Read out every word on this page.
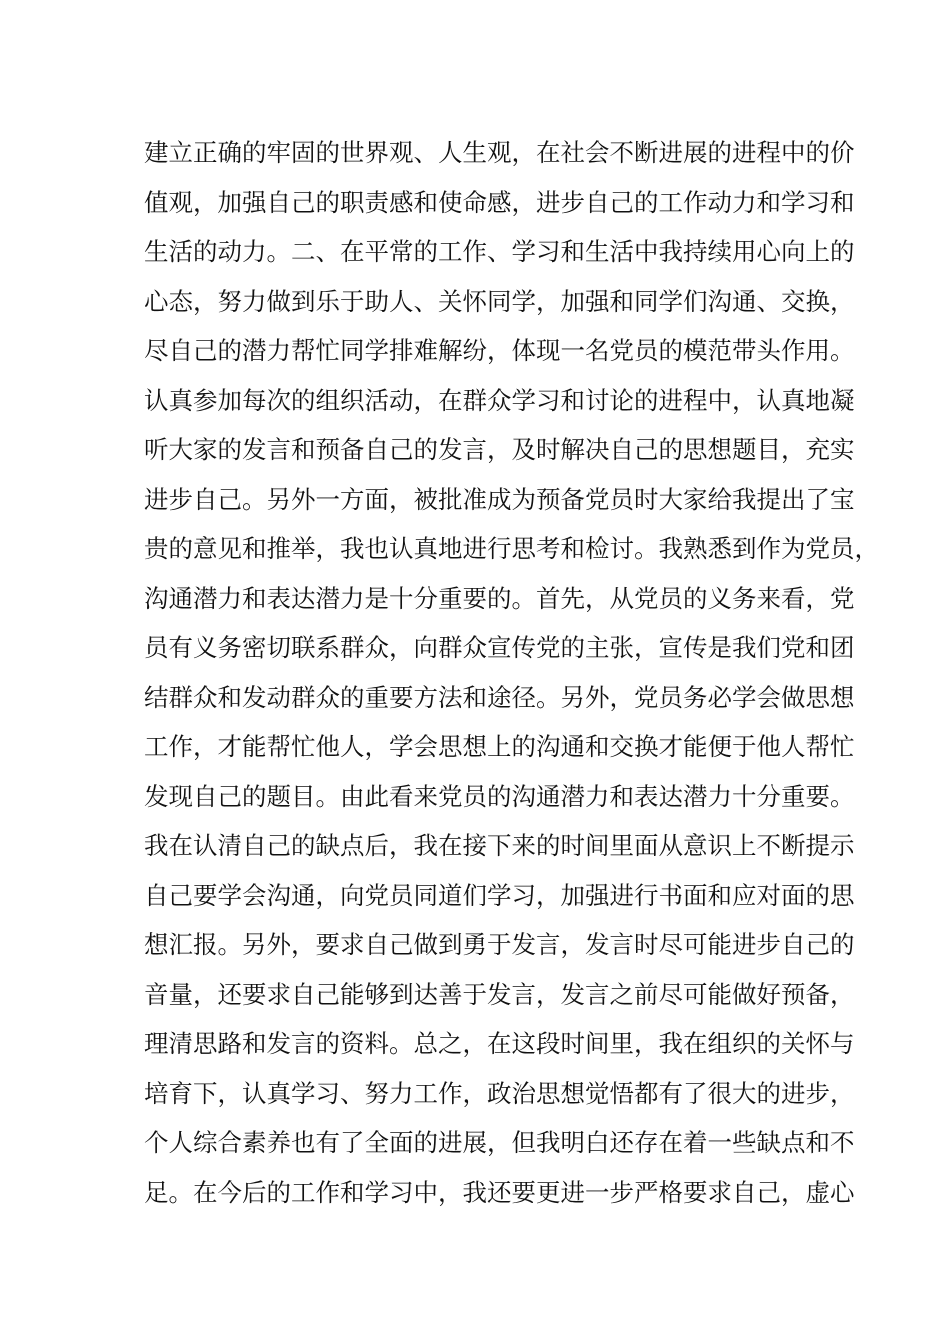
建立正确的牢固的世界观、人生观，在社会不断进展的进程中的价
值观，加强自己的职责感和使命感，进步自己的工作动力和学习和
生活的动力。二、在平常的工作、学习和生活中我持续用心向上的
心态，努力做到乐于助人、关怀同学，加强和同学们沟通、交换，
尽自己的潜力帮忙同学排难解纷，体现一名党员的模范带头作用。
认真参加每次的组织活动，在群众学习和讨论的进程中，认真地凝
听大家的发言和预备自己的发言，及时解决自己的思想题目，充实
进步自己。另外一方面，被批准成为预备党员时大家给我提出了宝
贵的意见和推举，我也认真地进行思考和检讨。我熟悉到作为党员，
沟通潜力和表达潜力是十分重要的。首先，从党员的义务来看，党
员有义务密切联系群众，向群众宣传党的主张，宣传是我们党和团
结群众和发动群众的重要方法和途径。另外，党员务必学会做思想
工作，才能帮忙他人，学会思想上的沟通和交换才能便于他人帮忙
发现自己的题目。由此看来党员的沟通潜力和表达潜力十分重要。
我在认清自己的缺点后，我在接下来的时间里面从意识上不断提示
自己要学会沟通，向党员同道们学习，加强进行书面和应对面的思
想汇报。另外，要求自己做到勇于发言，发言时尽可能进步自己的
音量，还要求自己能够到达善于发言，发言之前尽可能做好预备，
理清思路和发言的资料。总之，在这段时间里，我在组织的关怀与
培育下，认真学习、努力工作，政治思想觉悟都有了很大的进步，
个人综合素养也有了全面的进展，但我明白还存在着一些缺点和不
足。在今后的工作和学习中，我还要更进一步严格要求自己，虚心
